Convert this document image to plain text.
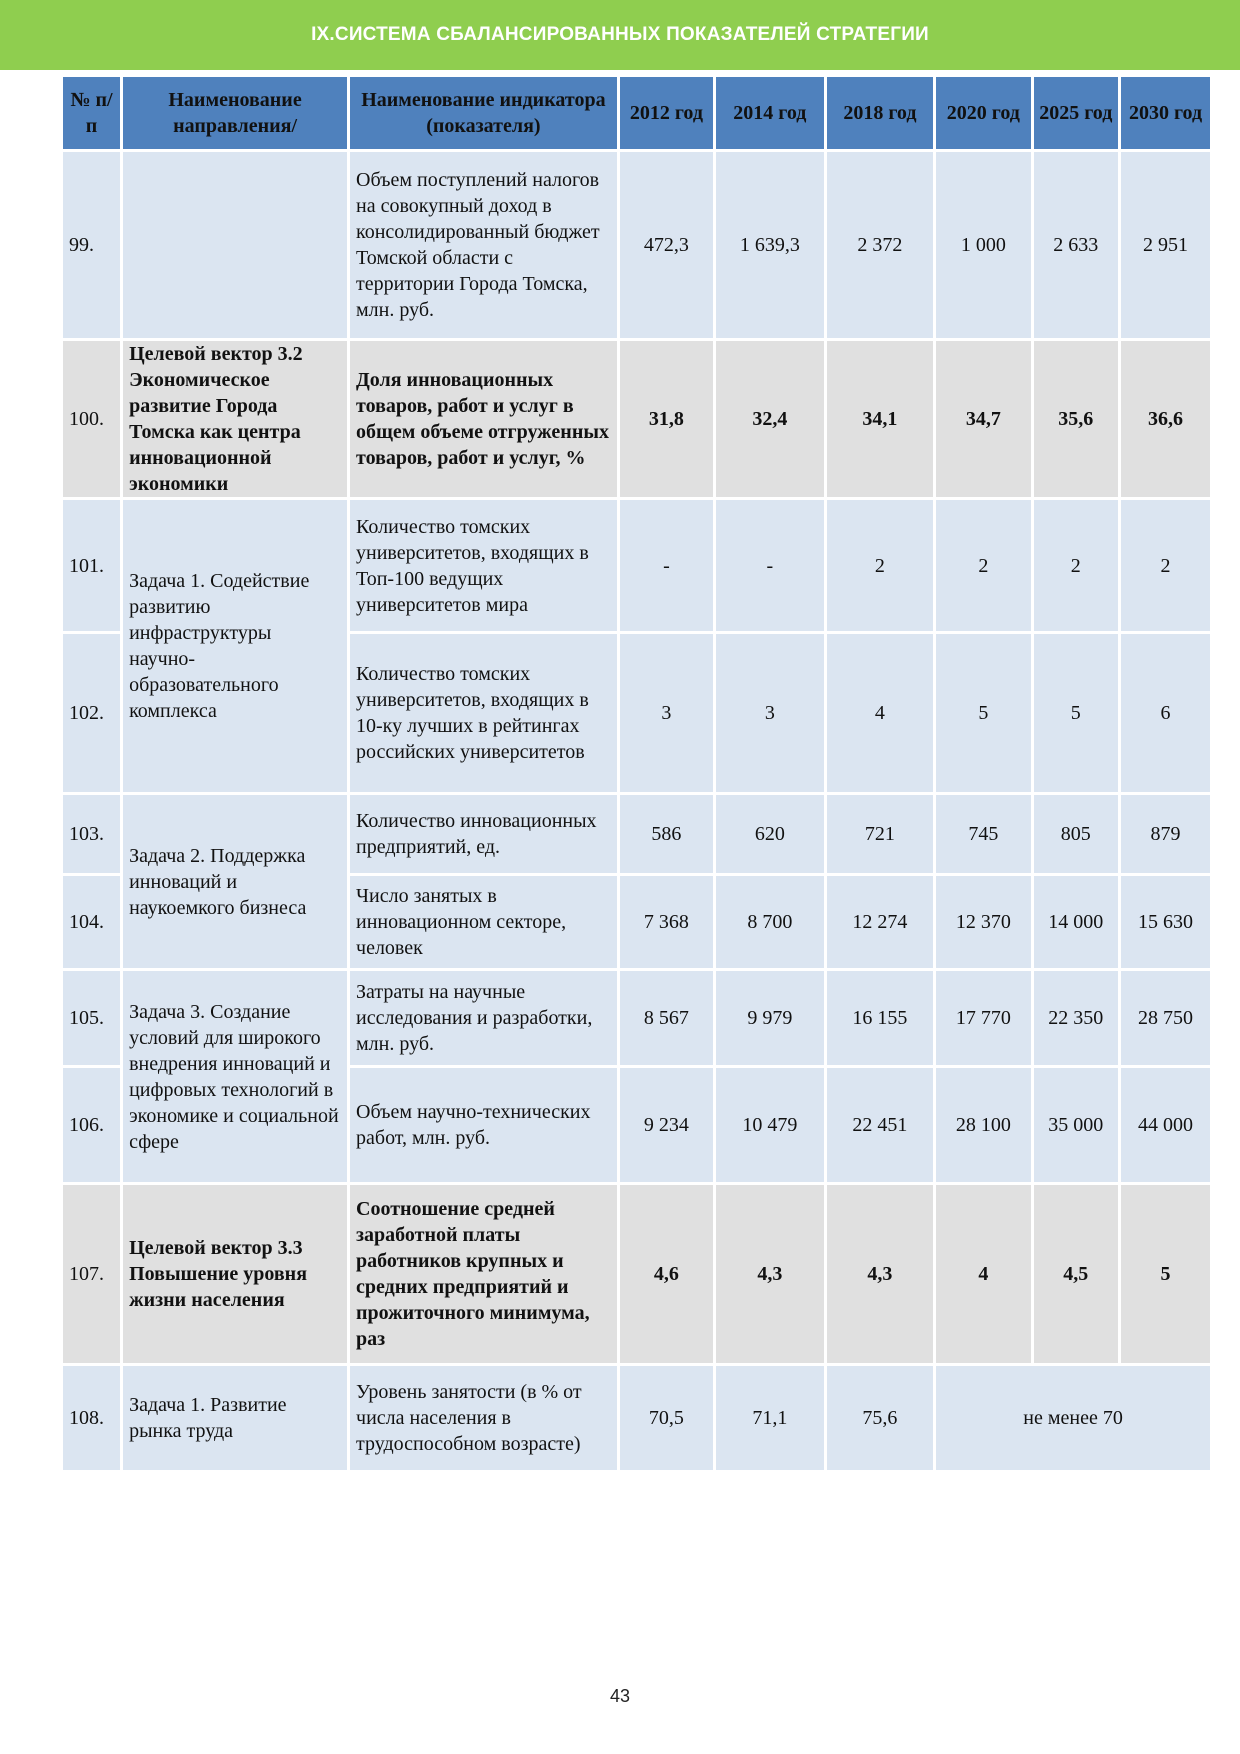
IX.СИСТЕМА СБАЛАНСИРОВАННЫХ ПОКАЗАТЕЛЕЙ СТРАТЕГИИ
№ п/п	Наименование направления/	Наименование индикатора (показателя)	2012 год	2014 год	2018 год	2020 год	2025 год	2030 год
99.		Объем поступлений налогов на совокупный доход в консолидированный бюджет Томской области с территории Города Томска, млн. руб.	472,3	1 639,3	2 372	1 000	2 633	2 951
100.	Целевой вектор 3.2 Экономическое развитие Города Томска как центра инновационной экономики	Доля инновационных товаров, работ и услуг в общем объеме отгруженных товаров, работ и услуг, %	31,8	32,4	34,1	34,7	35,6	36,6
101.	Задача 1. Содействие развитию инфраструктуры научно-образовательного комплекса	Количество томских университетов, входящих в Топ-100 ведущих университетов мира	-	-	2	2	2	2
102.		Количество томских университетов, входящих в 10-ку лучших в рейтингах российских университетов	3	3	4	5	5	6
103.	Задача 2. Поддержка инноваций и наукоемкого бизнеса	Количество инновационных предприятий, ед.	586	620	721	745	805	879
104.		Число занятых в инновационном секторе, человек	7 368	8 700	12 274	12 370	14 000	15 630
105.	Задача 3. Создание условий для широкого внедрения инноваций и цифровых технологий в экономике и социальной сфере	Затраты на научные исследования и разработки, млн. руб.	8 567	9 979	16 155	17 770	22 350	28 750
106.		Объем научно-технических работ, млн. руб.	9 234	10 479	22 451	28 100	35 000	44 000
107.	Целевой вектор 3.3 Повышение уровня жизни населения	Соотношение средней заработной платы работников крупных и средних предприятий и прожиточного минимума, раз	4,6	4,3	4,3	4	4,5	5
108.	Задача 1. Развитие рынка труда	Уровень занятости (в % от числа населения в трудоспособном возрасте)	70,5	71,1	75,6	не менее 70		
43
